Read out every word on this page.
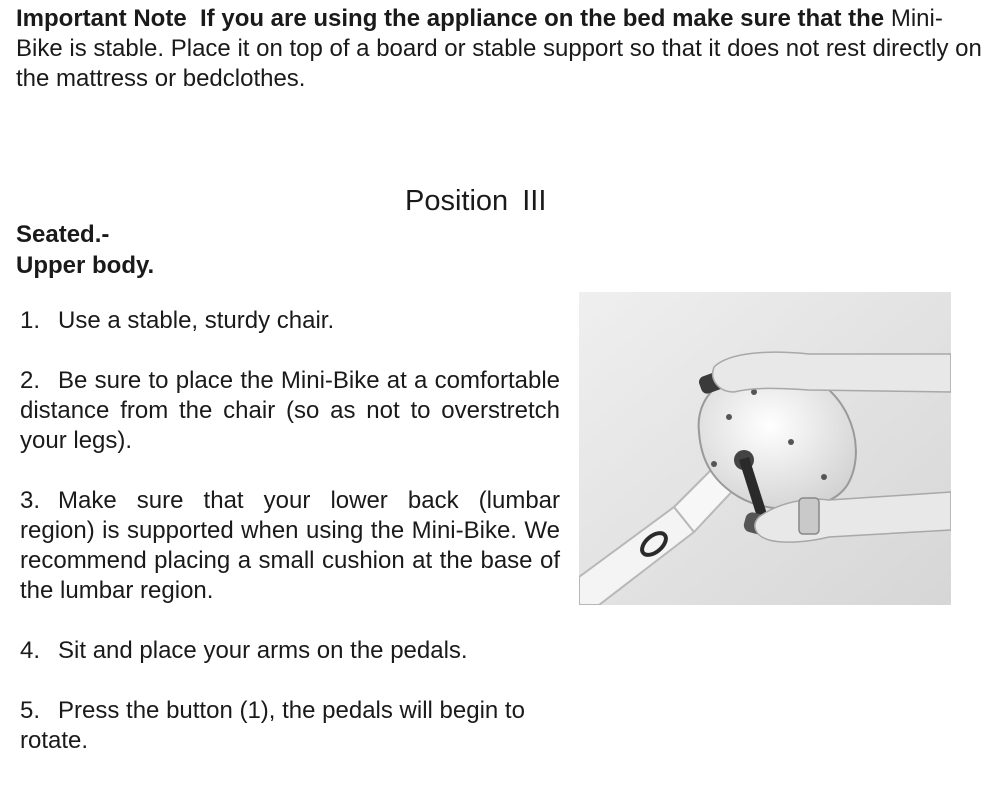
Important Note If you are using the appliance on the bed make sure that the Mini-Bike is stable. Place it on top of a board or stable support so that it does not rest directly on the mattress or bedclothes.
Position III
Seated.-
Upper body.
1. Use a stable, sturdy chair.
2. Be sure to place the Mini-Bike at a comfortable distance from the chair (so as not to overstretch your legs).
3. Make sure that your lower back (lumbar region) is supported when using the Mini-Bike. We recommend placing a small cushion at the base of the lumbar region.
4. Sit and place your arms on the pedals.
5. Press the button (1), the pedals will begin to rotate.
